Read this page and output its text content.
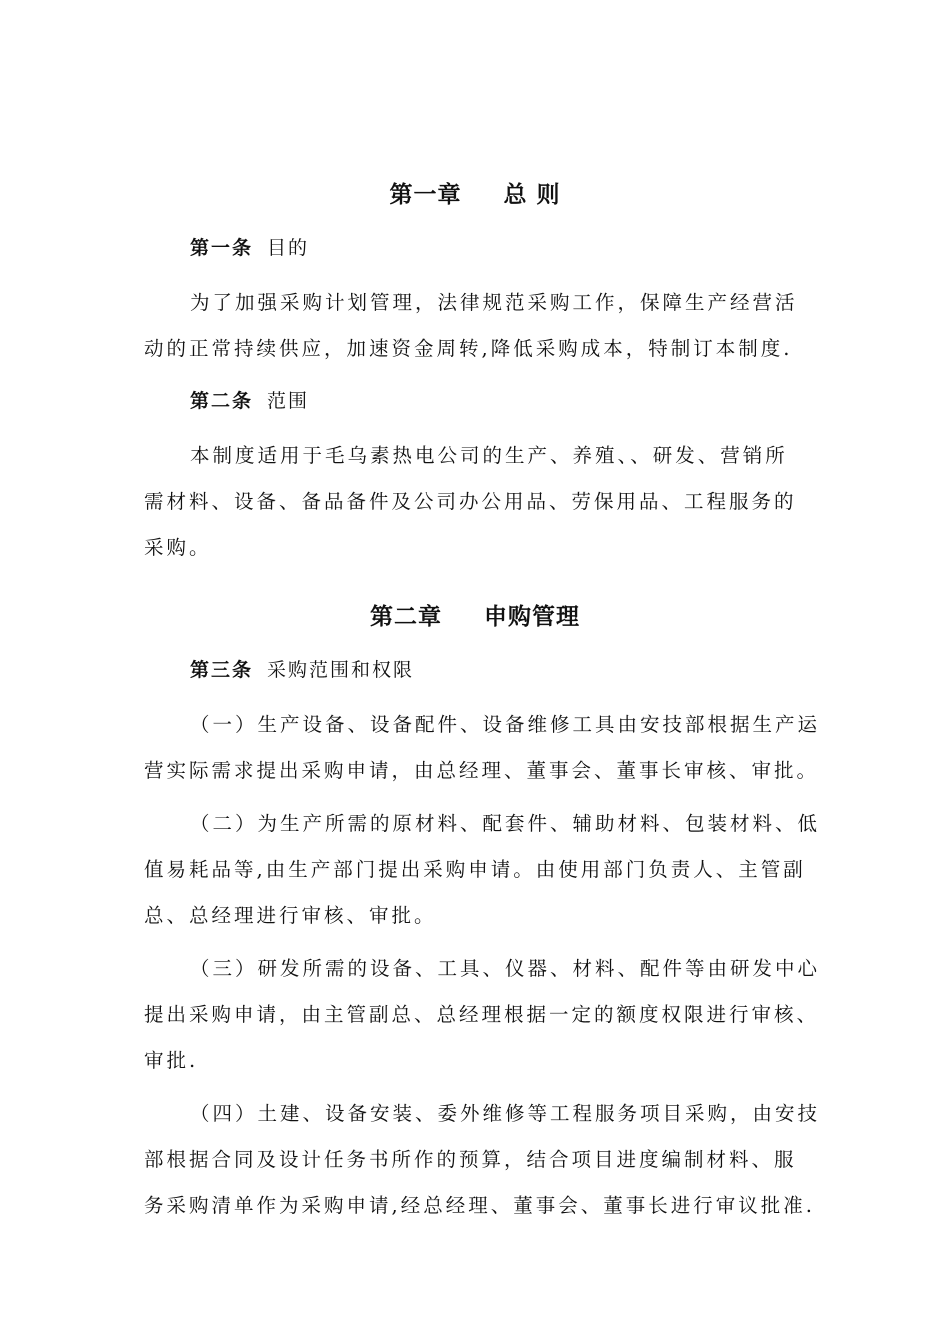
第一章 总 则
第一条 目的
为了加强采购计划管理，法律规范采购工作，保障生产经营活
动的正常持续供应，加速资金周转,降低采购成本，特制订本制度.
第二条 范围
本制度适用于毛乌素热电公司的生产、养殖、、研发、营销所
需材料、设备、备品备件及公司办公用品、劳保用品、工程服务的
采购。
第二章 申购管理
第三条 采购范围和权限
（一）生产设备、设备配件、设备维修工具由安技部根据生产运
营实际需求提出采购申请，由总经理、董事会、董事长审核、审批。
（二）为生产所需的原材料、配套件、辅助材料、包装材料、低
值易耗品等,由生产部门提出采购申请。由使用部门负责人、主管副
总、总经理进行审核、审批。
（三）研发所需的设备、工具、仪器、材料、配件等由研发中心
提出采购申请，由主管副总、总经理根据一定的额度权限进行审核、
审批.
（四）土建、设备安装、委外维修等工程服务项目采购，由安技
部根据合同及设计任务书所作的预算，结合项目进度编制材料、服
务采购清单作为采购申请,经总经理、董事会、董事长进行审议批准.
